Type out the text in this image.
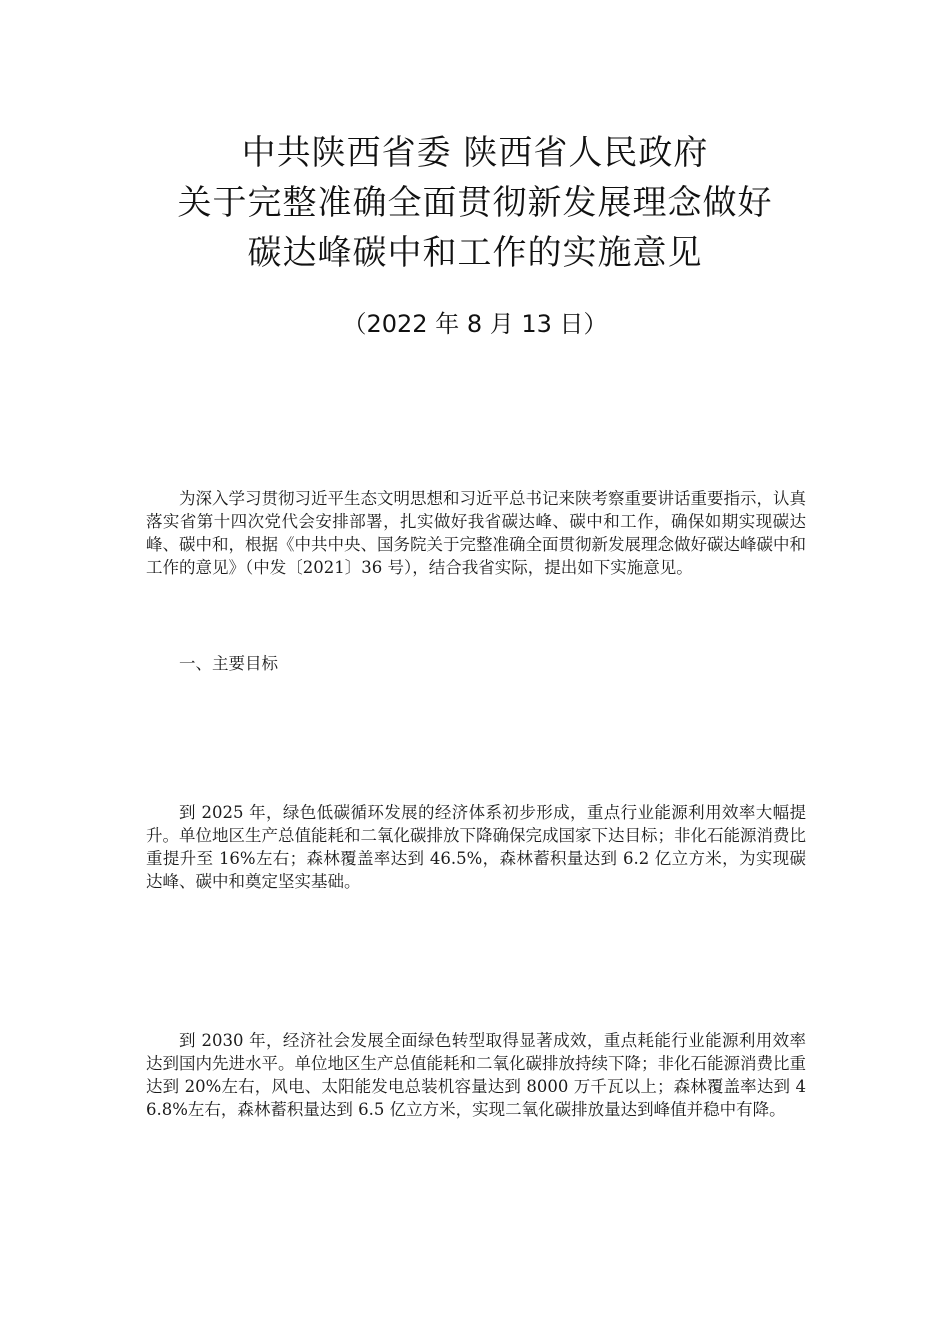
中共陕西省委 陕西省人民政府
关于完整准确全面贯彻新发展理念做好
碳达峰碳中和工作的实施意见
（2022 年 8 月 13 日）

为深入学习贯彻习近平生态文明思想和习近平总书记来陕考察重要讲话重要指示，认真落实省第十四次党代会安排部署，扎实做好我省碳达峰、碳中和工作，确保如期实现碳达峰、碳中和，根据《中共中央、国务院关于完整准确全面贯彻新发展理念做好碳达峰碳中和工作的意见》（中发〔2021〕36 号），结合我省实际，提出如下实施意见。

一、主要目标

到 2025 年，绿色低碳循环发展的经济体系初步形成，重点行业能源利用效率大幅提升。单位地区生产总值能耗和二氧化碳排放下降确保完成国家下达目标；非化石能源消费比重提升至 16%左右；森林覆盖率达到 46.5%，森林蓄积量达到 6.2 亿立方米，为实现碳达峰、碳中和奠定坚实基础。

到 2030 年，经济社会发展全面绿色转型取得显著成效，重点耗能行业能源利用效率达到国内先进水平。单位地区生产总值能耗和二氧化碳排放持续下降；非化石能源消费比重达到 20%左右，风电、太阳能发电总装机容量达到 8000 万千瓦以上；森林覆盖率达到 46.8%左右，森林蓄积量达到 6.5 亿立方米，实现二氧化碳排放量达到峰值并稳中有降。
